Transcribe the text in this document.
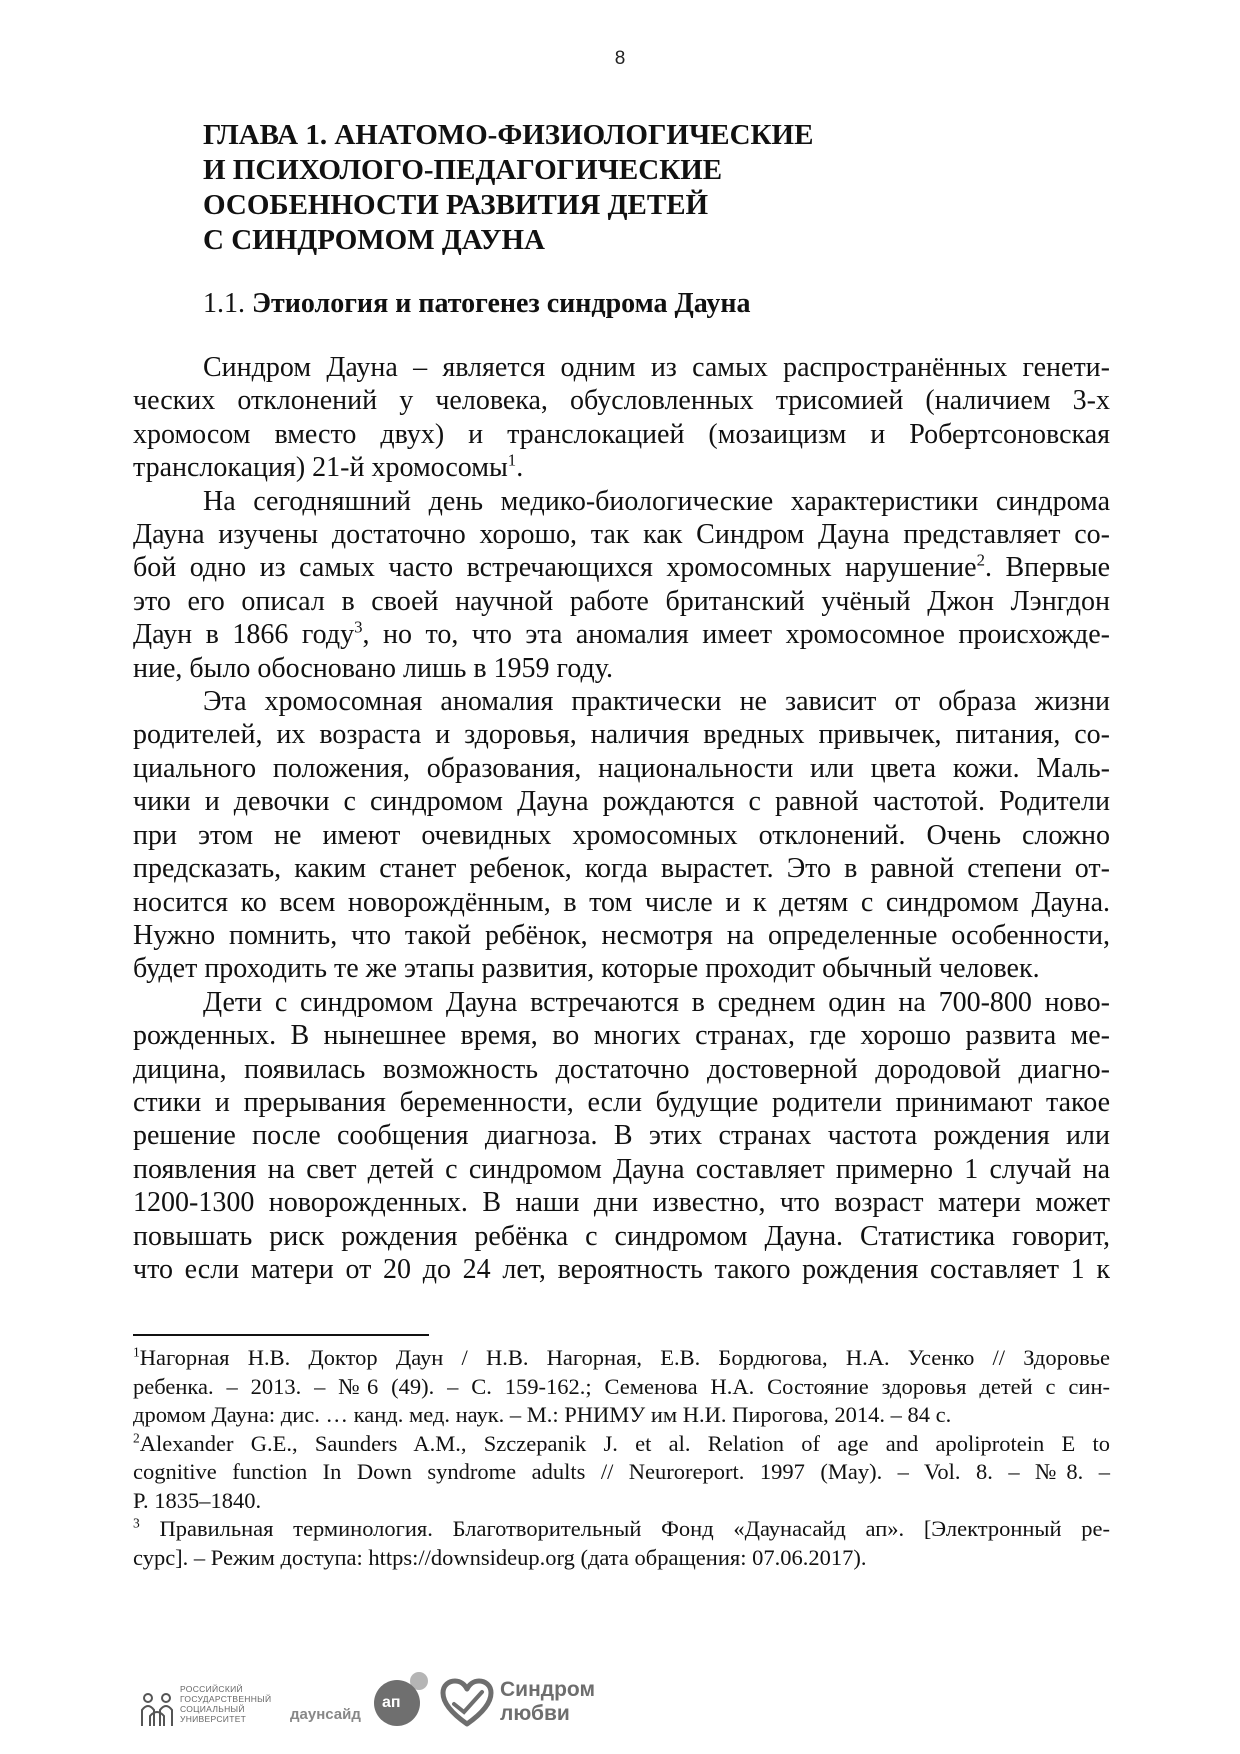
8
ГЛАВА 1. АНАТОМО-ФИЗИОЛОГИЧЕСКИЕ
И ПСИХОЛОГО-ПЕДАГОГИЧЕСКИЕ
ОСОБЕННОСТИ РАЗВИТИЯ ДЕТЕЙ
С СИНДРОМОМ ДАУНА
1.1. Этиология и патогенез синдрома Дауна

Синдром Дауна – является одним из самых распространённых генети-
ческих отклонений у человека, обусловленных трисомией (наличием 3-х
хромосом вместо двух) и транслокацией (мозаицизм и Робертсоновская
транслокация) 21-й хромосомы$^1$.

На сегодняшний день медико-биологические характеристики синдрома
Дауна изучены достаточно хорошо, так как Синдром Дауна представляет со-
бой одно из самых часто встречающихся хромосомных нарушение$^2$. Впервые
это его описал в своей научной работе британский учёный Джон Лэнгдон
Даун в 1866 году$^3$, но то, что эта аномалия имеет хромосомное происхожде-
ние, было обосновано лишь в 1959 году.

Эта хромосомная аномалия практически не зависит от образа жизни
родителей, их возраста и здоровья, наличия вредных привычек, питания, со-
циального положения, образования, национальности или цвета кожи. Маль-
чики и девочки с синдромом Дауна рождаются с равной частотой. Родители
при этом не имеют очевидных хромосомных отклонений. Очень сложно
предсказать, каким станет ребенок, когда вырастет. Это в равной степени от-
носится ко всем новорождённым, в том числе и к детям с синдромом Дауна.
Нужно помнить, что такой ребёнок, несмотря на определенные особенности,
будет проходить те же этапы развития, которые проходит обычный человек.

Дети с синдромом Дауна встречаются в среднем один на 700-800 ново-
рожденных. В нынешнее время, во многих странах, где хорошо развита ме-
дицина, появилась возможность достаточно достоверной дородовой диагно-
стики и прерывания беременности, если будущие родители принимают такое
решение после сообщения диагноза. В этих странах частота рождения или
появления на свет детей с синдромом Дауна составляет примерно 1 случай на
1200-1300 новорожденных. В наши дни известно, что возраст матери может
повышать риск рождения ребёнка с синдромом Дауна. Статистика говорит,
что если матери от 20 до 24 лет, вероятность такого рождения составляет 1 к

$^1$Нагорная Н.В. Доктор Даун / Н.В. Нагорная, Е.В. Бордюгова, Н.А. Усенко // Здоровье
ребенка. – 2013. – №6 (49). – С. 159-162.; Семенова Н.А. Состояние здоровья детей с син-
дромом Дауна: дис. … канд. мед. наук. – М.: РНИМУ им Н.И. Пирогова, 2014. – 84 с.

$^2$Alexander G.E., Saunders A.M., Szczepanik J. et al. Relation of age and apoliprotein E to
cognitive function In Down syndrome adults // Neuroreport. 1997 (May). – Vol. 8. – №8. –
P. 1835–1840.

$^3$ Правильная терминология. Благотворительный Фонд «Даунасайд ап». [Электронный ре-
сурс]. – Режим доступа: https://downsideup.org (дата обращения: 07.06.2017).

РОССИЙСКИЙ
ГОСУДАРСТВЕННЫЙ
СОЦИАЛЬНЫЙ
УНИВЕРСИТЕТ	даунсайд
ап
Синдром
любви
